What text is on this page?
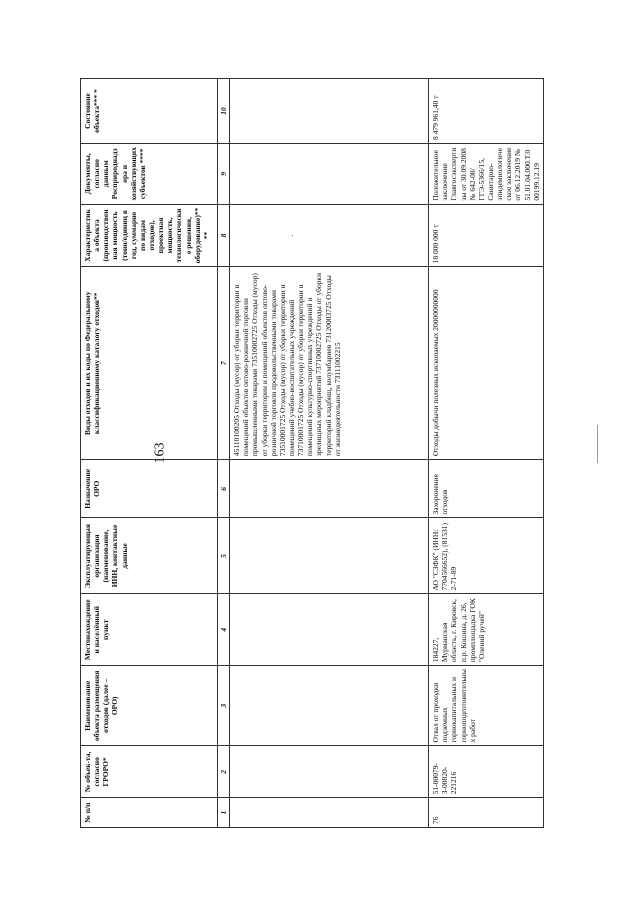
163
№ п/п	№ объек-та, согласно ГРОРО*	Наименование объекта размещения отходов (далее – ОРО)	Местонахождение и населённый пункт	Эксплуатирующая организация (наименование, ИНН, контактные данные	Назначение ОРО	Виды отходов и их коды по Федеральному классификационному каталогу отходов**	Характеристика объекта (производственная мощность (тонн/единиц в год, суммарно по видам отходов), проектная мощность, технологические решения, оборудование)****	Документы, согласно данным Росприроднадзора и хозяйствующих субъектов ****	Состояние объекта*** *
1	2	3	4	5	6	7	8	9	10
						45110100205 Отходы (мусор) от уборки территории и помещений объектов оптово-розничной торговли промышленными товарами 73510002725 Отходы (мусор) от уборки территории и помещений объектов оптово-розничной торговли продовольственными товарами 73510001725 Отходы (мусор) от уборки территории и помещений учебно-воспитательных учреждений 73710001725 Отходы (мусор) от уборки территории и помещений культурно-спортивных учреждений и зрелищных мероприятий 73710002725 Отходы от уборки территорий кладбищ, колумбариев 73120003725 Отходы от жизнедеятельности 73111002215	.		
76	51-00079-З-00820-221216	Отвал от проходки подземных горнокапитальных и горноподготовительных работ	184227, Мурманская область, г. Кировск, п.р. Кошина, д. 26, промплощадка ГОК "Олений ручей"	АО "СЗФК" (ИНН: 7704566652), (81531) 2-71-89	Захоронение отходов	Отходы добычи полезных ископаемых 20000000000	18 000 000 т	Положительное заключение Главгосэкспертизы от 30.09.2008 № 642-08/ГГЭ-5366/15, Санитарно-эпидемиологическое заключение от 06.12.2019 № 51.01.04.000.Т.000199.12.19	8 479 961,40 т
